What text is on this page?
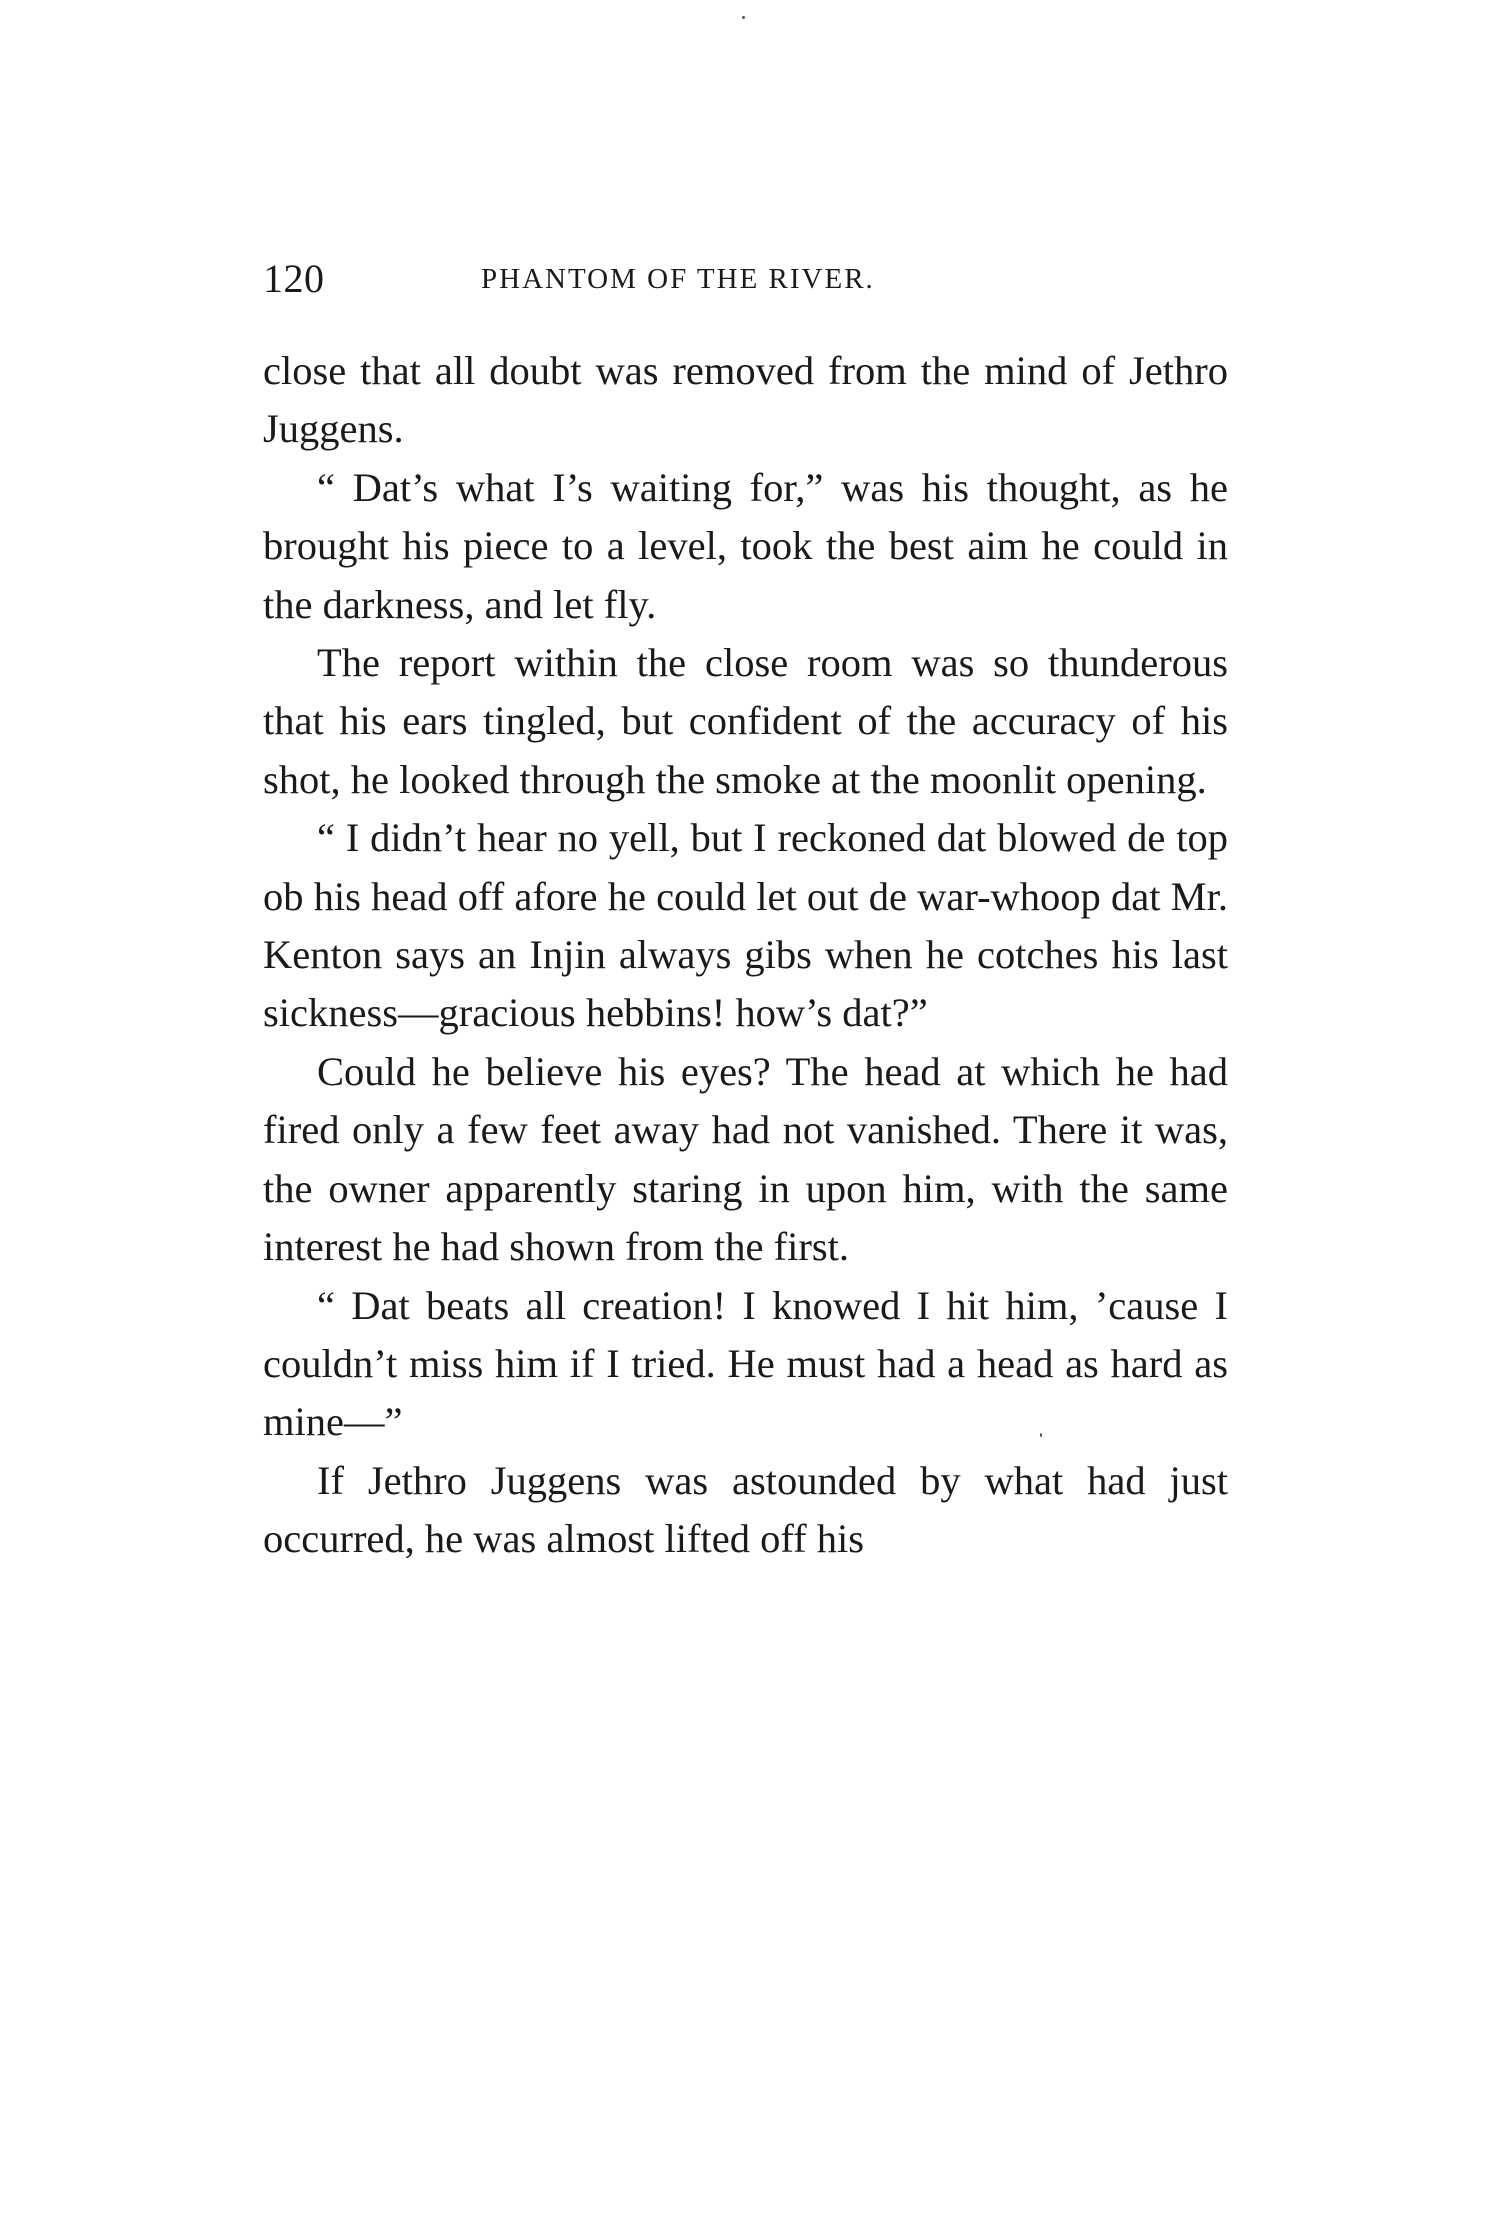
120	PHANTOM OF THE RIVER.

close that all doubt was removed from the mind of Jethro Juggens.

“ Dat’s what I’s waiting for,” was his thought, as he brought his piece to a level, took the best aim he could in the darkness, and let fly.

The report within the close room was so thunderous that his ears tingled, but confident of the accuracy of his shot, he looked through the smoke at the moonlit opening.

“ I didn’t hear no yell, but I reckoned dat blowed de top ob his head off afore he could let out de war-whoop dat Mr. Kenton says an Injin always gibs when he cotches his last sickness—gracious hebbins! how’s dat?”

Could he believe his eyes? The head at which he had fired only a few feet away had not vanished. There it was, the owner apparently staring in upon him, with the same interest he had shown from the first.

“ Dat beats all creation! I knowed I hit him, ’cause I couldn’t miss him if I tried. He must had a head as hard as mine—”

If Jethro Juggens was astounded by what had just occurred, he was almost lifted off his
